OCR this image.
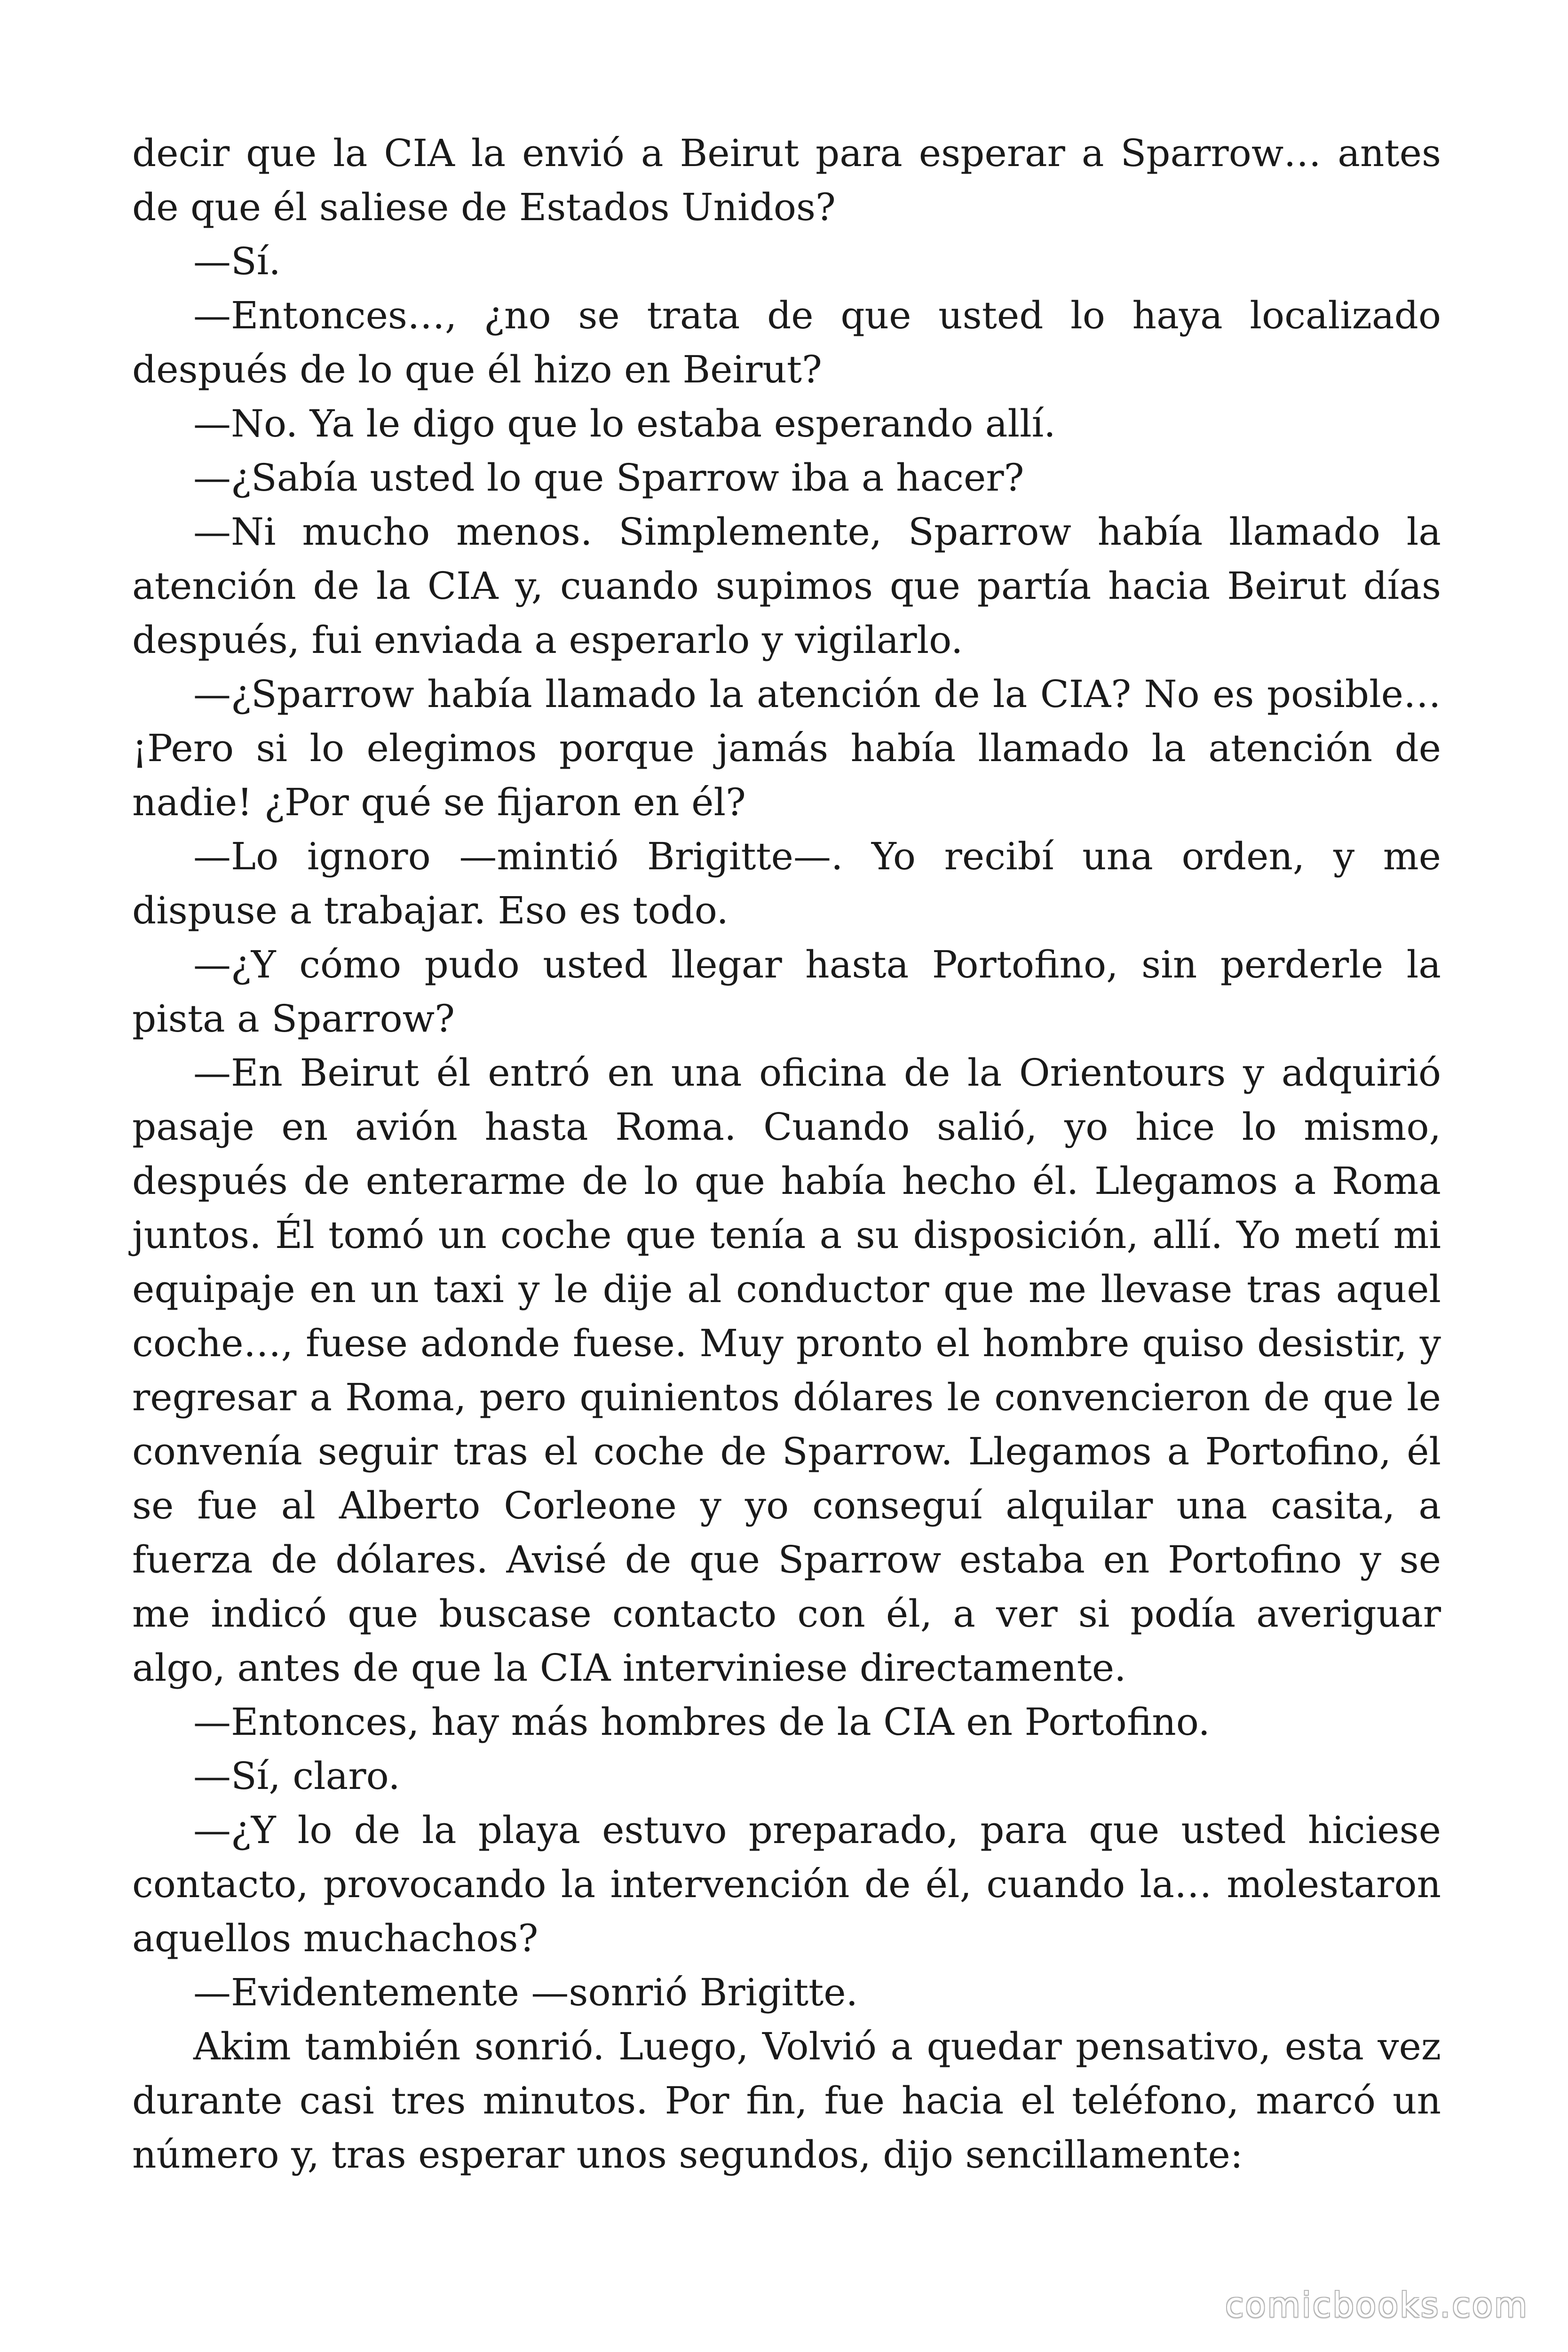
decir que la CIA la envió a Beirut para esperar a Sparrow… antes de que él saliese de Estados Unidos?

—Sí.

—Entonces…, ¿no se trata de que usted lo haya localizado después de lo que él hizo en Beirut?

—No. Ya le digo que lo estaba esperando allí.

—¿Sabía usted lo que Sparrow iba a hacer?

—Ni mucho menos. Simplemente, Sparrow había llamado la atención de la CIA y, cuando supimos que partía hacia Beirut días después, fui enviada a esperarlo y vigilarlo.

—¿Sparrow había llamado la atención de la CIA? No es posible… ¡Pero si lo elegimos porque jamás había llamado la atención de nadie! ¿Por qué se fijaron en él?

—Lo ignoro —mintió Brigitte—. Yo recibí una orden, y me dispuse a trabajar. Eso es todo.

—¿Y cómo pudo usted llegar hasta Portofino, sin perderle la pista a Sparrow?

—En Beirut él entró en una oficina de la Orientours y adquirió pasaje en avión hasta Roma. Cuando salió, yo hice lo mismo, después de enterarme de lo que había hecho él. Llegamos a Roma juntos. Él tomó un coche que tenía a su disposición, allí. Yo metí mi equipaje en un taxi y le dije al conductor que me llevase tras aquel coche…, fuese adonde fuese. Muy pronto el hombre quiso desistir, y regresar a Roma, pero quinientos dólares le convencieron de que le convenía seguir tras el coche de Sparrow. Llegamos a Portofino, él se fue al Alberto Corleone y yo conseguí alquilar una casita, a fuerza de dólares. Avisé de que Sparrow estaba en Portofino y se me indicó que buscase contacto con él, a ver si podía averiguar algo, antes de que la CIA interviniese directamente.

—Entonces, hay más hombres de la CIA en Portofino.

—Sí, claro.

—¿Y lo de la playa estuvo preparado, para que usted hiciese contacto, provocando la intervención de él, cuando la… molestaron aquellos muchachos?

—Evidentemente —sonrió Brigitte.

Akim también sonrió. Luego, Volvió a quedar pensativo, esta vez durante casi tres minutos. Por fin, fue hacia el teléfono, marcó un número y, tras esperar unos segundos, dijo sencillamente:

comicbooks.com
